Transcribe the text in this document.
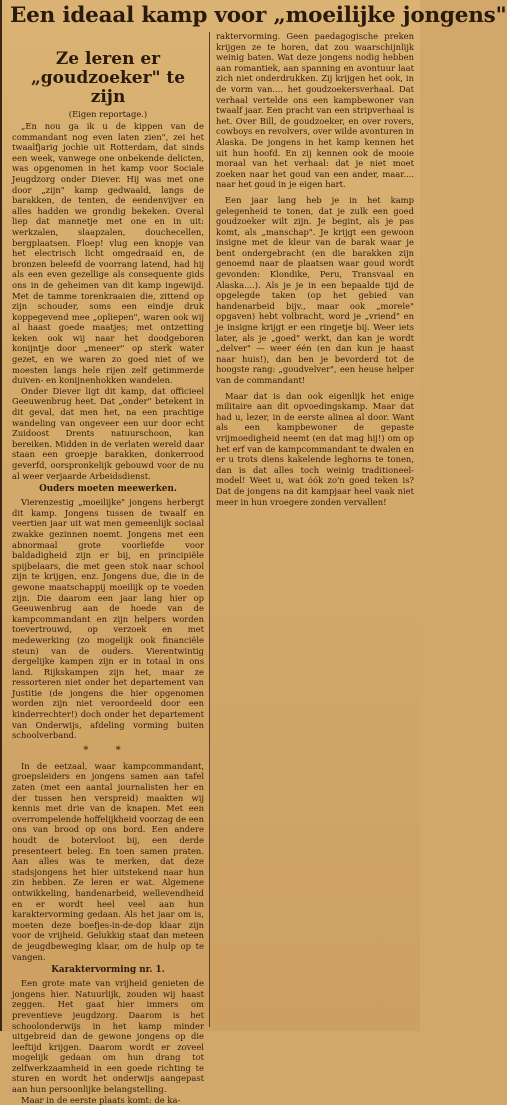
Een ideaal kamp voor „moeilijke jongens"
Ze leren er „goudzoeker" te zijn
(Eigen reportage.)

„En nou ga ik u de kippen van de commandant nog even laten zien", zei het twaalfjarig jochie uit Rotterdam, dat sinds een week, vanwege one onbekende delicten, was opgenomen in het kamp voor Sociale Jeugdzorg onder Diever. Hij was met one door „zijn" kamp gedwaald, langs de barakken, de tenten, de eendenvijver en alles hadden we grondig bekeken. Overal liep dat mannetje met one en in uit: werkzalen, slaapzalen, douchecellen, bergplaatsen. Floep! vlug een knopje van het electrisch licht omgedraaid en, de bronzen beleefd de voorrang latend, had hij als een even gezellige als consequente gids ons in de geheimen van dit kamp ingewijd. Met de tamme torenkraaien die, zittend op zijn schouder, soms een eindje druk koppegevend mee „opliepen", waren ook wij al haast goede maatjes; met ontzetting keken ook wij naar het doodgeboren konijntje door „meneer" op sterk water gezet, en we waren zo goed niet of we moesten langs hele rijen zelf getimmerde duiven- en konijnenhokken wandelen.

Onder Diever ligt dit kamp, dat officieel Geeuwenbrug heet. Dat „onder" betekent in dit geval, dat men het, na een prachtige wandeling van ongeveer een uur door echt Zuidoost Drents natuurschoon, kan bereiken. Midden in de verlaten wereld daar staan een groepje barakken, donkerrood geverfd, oorspronkelijk gebouwd voor de nu al weer verjaarde Arbeidsdienst.

Ouders moeten meewerken.

Vierenzestig „moeilijke" jongens herbergt dit kamp. Jongens tussen de twaalf en veertien jaar uit wat men gemeenlijk sociaal zwakke gezinnen noemt. Jongens met een abnormaal grote voorliefde voor baldadigheid zijn er bij, en principiële spijbelaars, die met geen stok naar school zijn te krijgen, enz. Jongens due, die in de gewone maatschappij moeilijk op te voeden zijn. Die daarom een jaar lang hier op Geeuwenbrug aan de hoede van de kampcommandant en zijn helpers worden toevertrouwd, op verzoek en met medewerking (zo mogelijk ook financiële steun) van de ouders. Vierentwintig dergelijke kampen zijn er in totaal in ons land. Rijkskampen zijn het, maar ze ressorteren niet onder het departement van Justitie (de jongens die hier opgenomen worden zijn niet veroordeeld door een kinderrechter!) doch onder het departement van Onderwijs, afdeling vorming buiten schoolverband.

* *

In de eetzaal, waar kampcommandant, groepsleiders en jongens samen aan tafel zaten (met een aantal journalisten her en der tussen hen verspreid) maakten wij kennis met drie van de knapen. Met een overrompelende hoffelijkheid voorzag de een ons van brood op ons bord. Een andere houdt de botervloot bij, een derde presenteert beleg. En toen samen praten. Aan alles was te merken, dat deze stadsjongens het hier uitstekend naar hun zin hebben. Ze leren er wat. Algemene ontwikkeling, handenarbeid, wellevendheid en er wordt heel veel aan hun karaktervorming gedaan. Als het jaar om is, moeten deze boefjes-in-de-dop klaar zijn voor de vrijheid. Gelukkig staat dan meteen de jeugdbeweging klaar, om de hulp op te vangen.

Karaktervorming nr. 1.

Een grote mate van vrijheid genieten de jongens hier. Natuurlijk, zouden wij haast zeggen. Het gaat hier immers om preventieve jeugdzorg. Daarom is het schoolonderwijs in het kamp minder uitgebreid dan de gewone jongens op die leeftijd krijgen. Daarom wordt er zoveel mogelijk gedaan om hun drang tot zelfwerkzaamheid in een goede richting te sturen en wordt het onderwijs aangepast aan hun persoonlijke belangstelling.

Maar in de eerste plaats komt: de ka-

raktervorming. Geen paedagogische preken krijgen ze te horen, dat zou waarschijnlijk weinig baten. Wat deze jongens nodig hebben aan romantiek, aan spanning en avontuur laat zich niet onderdrukken. Zij krijgen het ook, in de vorm van.... het goudzoekersverhaal. Dat verhaal vertelde ons een kampbewoner van twaalf jaar. Een pracht van een stripverhaal is het. Over Bill, de goudzoeker, en over rovers, cowboys en revolvers, over wilde avonturen in Alaska. De jongens in het kamp kennen het uit hun hoofd. En zij kennen ook de mooie moraal van het verhaal: dat je niet moet zoeken naar het goud van een ander, maar.... naar het goud in je eigen hart.

Een jaar lang heb je in het kamp gelegenheid te tonen, dat je zulk een goed goudzoeker wilt zijn. Je begint, als je pas komt, als „manschap". Je krijgt een gewoon insigne met de kleur van de barak waar je bent ondergebracht (en die barakken zijn genoemd naar de plaatsen waar goud wordt gevonden: Klondike, Peru, Transvaal en Alaska....). Als je je in een bepaalde tijd de opgelegde taken (op het gebied van handenarbeid bijv., maar ook „morele" opgaven) hebt volbracht, word je „vriend" en je insigne krijgt er een ringetje bij. Weer iets later, als je „goed" werkt, dan kan je wordt „delver" — weer één (en dan kun je haast naar huis!), dan ben je bevorderd tot de hoogste rang: „goudvelver", een heuse helper van de commandant!

Maar dat is dan ook eigenlijk het enige militaire aan dit opvoedingskamp. Maar dat had u, lezer, in de eerste alinea al door. Want als een kampbewoner de gepaste vrijmoedigheid neemt (en dat mag hij!) om op het erf van de kampcommandant te dwalen en er u trots diens kakelende leghorns te tonen, dan is dat alles toch weinig traditioneel-model! Weet u, wat óók zo'n goed teken is? Dat de jongens na dit kampjaar heel vaak niet meer in hun vroegere zonden vervallen!
